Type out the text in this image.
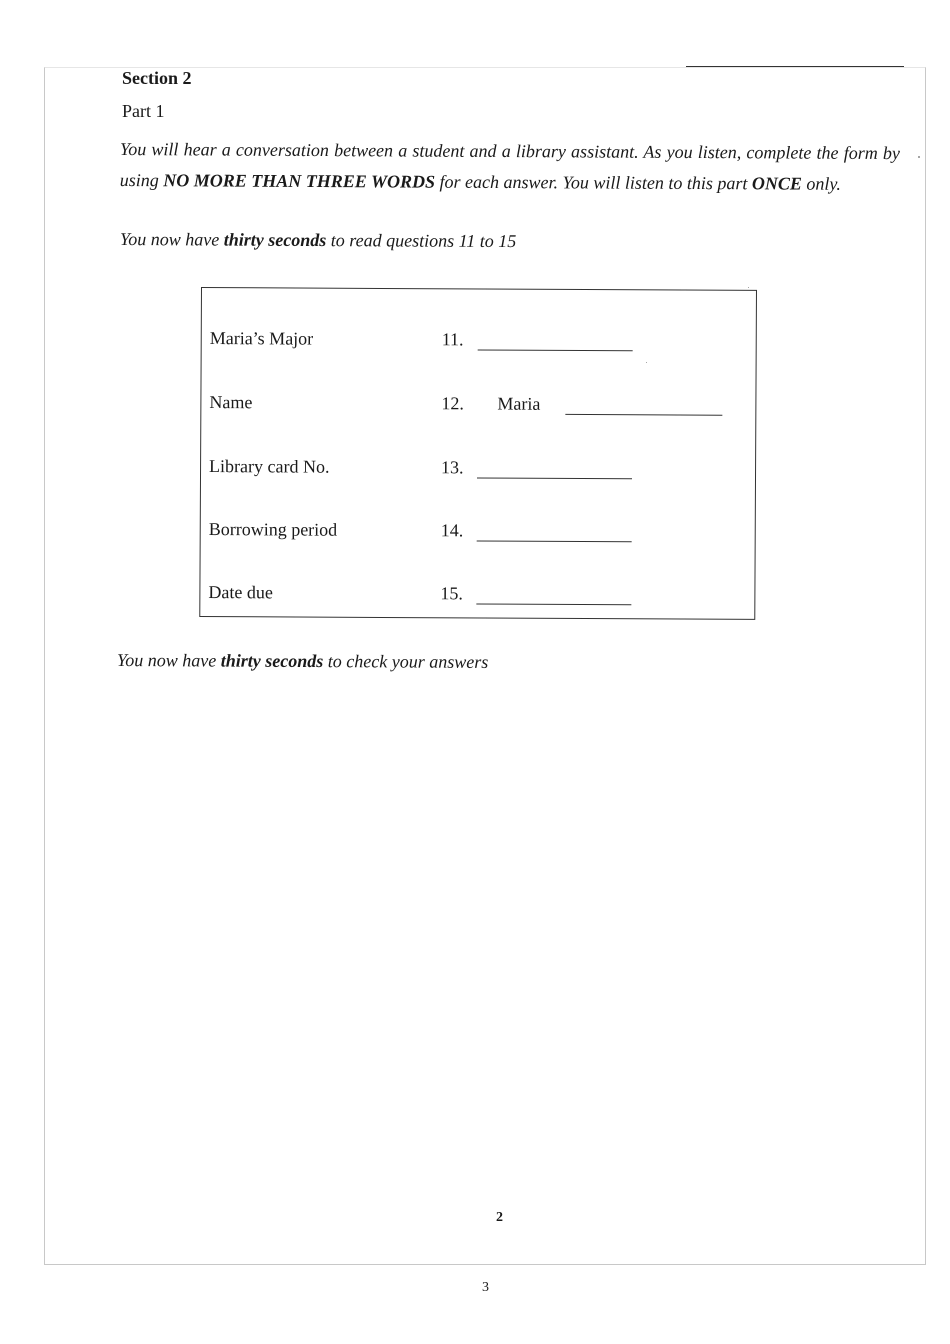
Section 2
Part 1
You will hear a conversation between a student and a library assistant. As you listen, complete the form by using NO MORE THAN THREE WORDS for each answer. You will listen to this part ONCE only.
You now have thirty seconds to read questions 11 to 15
Maria’s Major	11.
Name	12. Maria
Library card No.	13.
Borrowing period	14.
Date due	15.
You now have thirty seconds to check your answers
2
3
